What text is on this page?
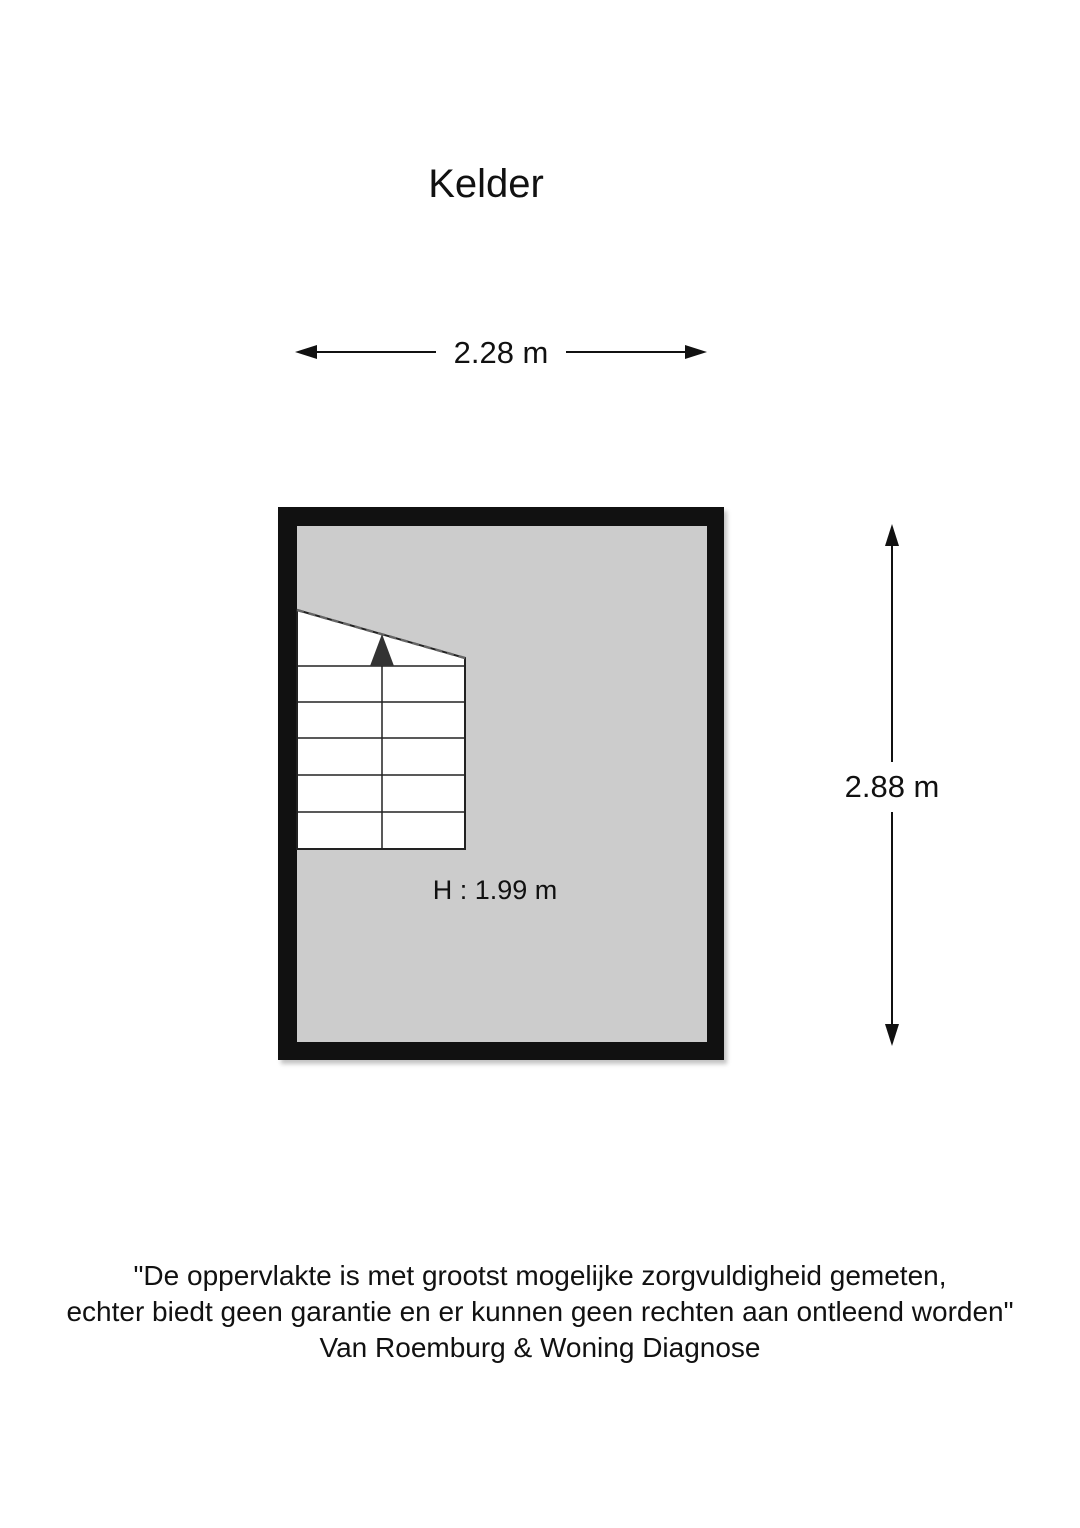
Kelder
2.28 m
2.88 m
H : 1.99 m
"De oppervlakte is met grootst mogelijke zorgvuldigheid gemeten,
echter biedt geen garantie en er kunnen geen rechten aan ontleend worden"
Van Roemburg & Woning Diagnose
